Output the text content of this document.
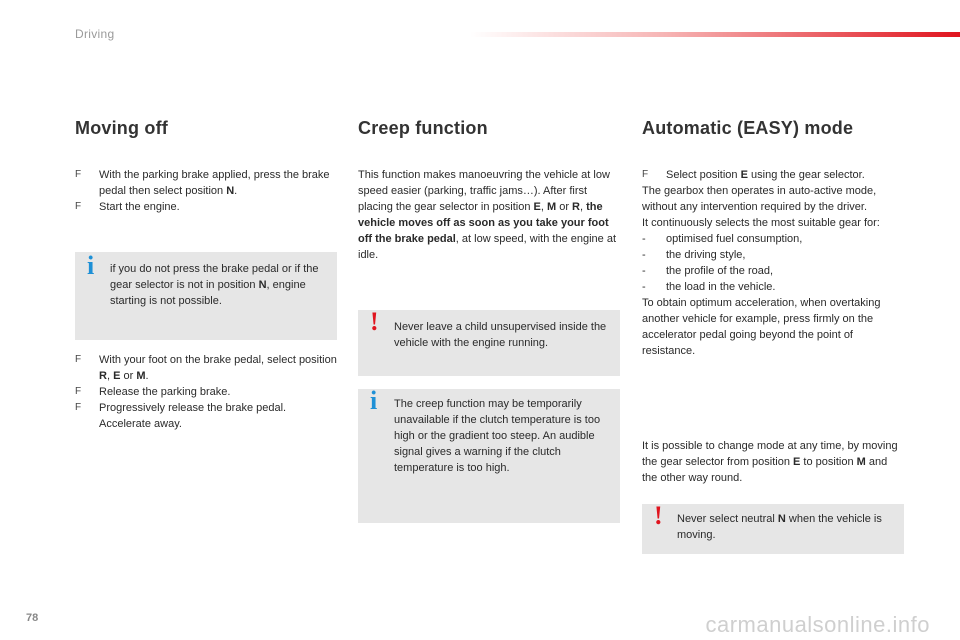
Driving
Moving off
F With the parking brake applied, press the brake pedal then select position N.
F Start the engine.
i if you do not press the brake pedal or if the gear selector is not in position N, engine starting is not possible.
F With your foot on the brake pedal, select position R, E or M.
F Release the parking brake.
F Progressively release the brake pedal. Accelerate away.
Creep function

This function makes manoeuvring the vehicle at low speed easier (parking, traffic jams…). After first placing the gear selector in position E, M or R, the vehicle moves off as soon as you take your foot off the brake pedal, at low speed, with the engine at idle.

! Never leave a child unsupervised inside the vehicle with the engine running.
i The creep function may be temporarily unavailable if the clutch temperature is too high or the gradient too steep. An audible signal gives a warning if the clutch temperature is too high.
Automatic (EASY) mode
F Select position E using the gear selector.

The gearbox then operates in auto-active mode, without any intervention required by the driver.

It continuously selects the most suitable gear for:

- optimised fuel consumption,
- the driving style,
- the profile of the road,
- the load in the vehicle.

To obtain optimum acceleration, when overtaking another vehicle for example, press firmly on the accelerator pedal going beyond the point of resistance.

It is possible to change mode at any time, by moving the gear selector from position E to position M and the other way round.

! Never select neutral N when the vehicle is moving.
78	carmanualsonline.info
